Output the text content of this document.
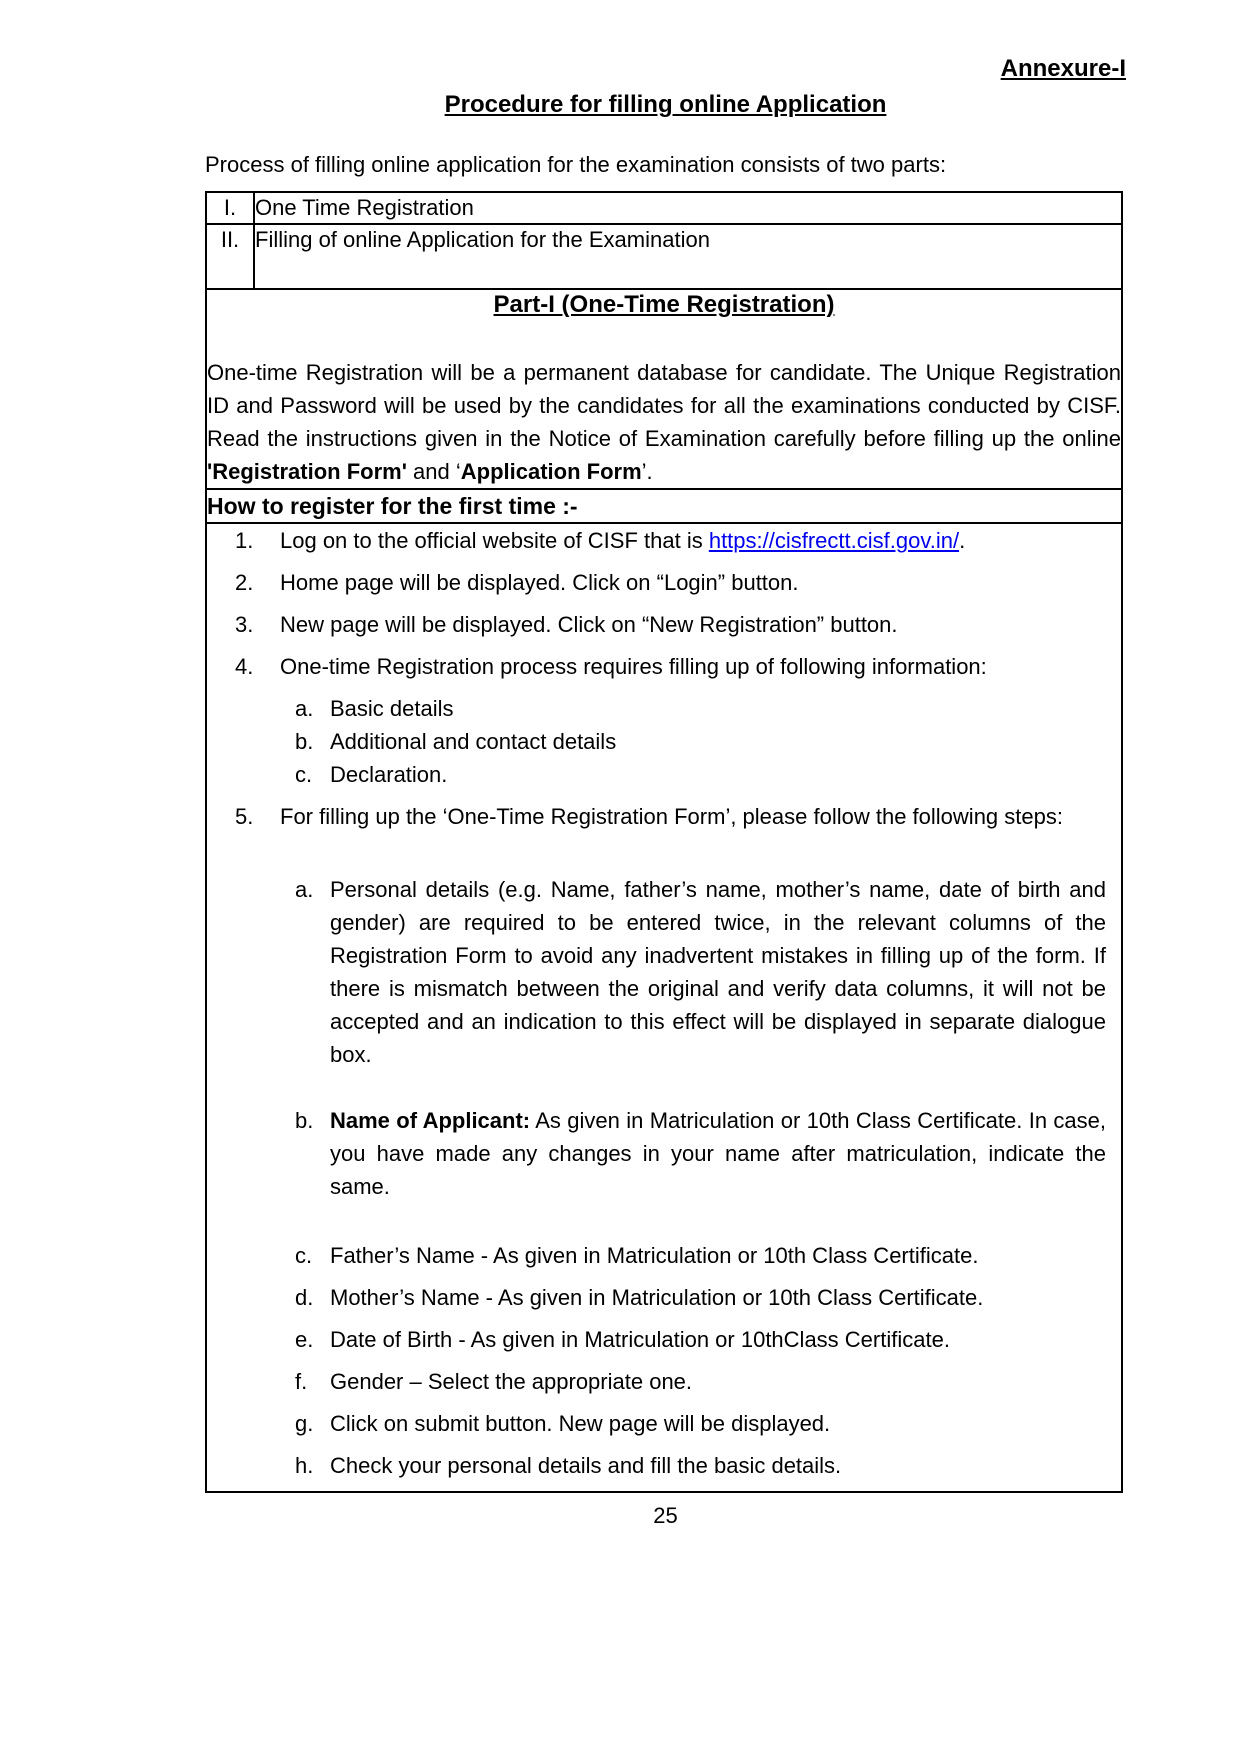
Annexure-I
Procedure for filling online Application
Process of filling online application for the examination consists of two parts:
I.	One Time Registration
II.	Filling of online Application for the Examination

Part-I (One-Time Registration)
One-time Registration will be a permanent database for candidate. The Unique Registration ID and Password will be used by the candidates for all the examinations conducted by CISF. Read the instructions given in the Notice of Examination carefully before filling up the online 'Registration Form' and ‘Application Form’.	

How to register for the first time :-	

1.	Log on to the official website of CISF that is https://cisfrectt.cisf.gov.in/.
2.	Home page will be displayed. Click on “Login” button.
3.	New page will be displayed. Click on “New Registration” button.
4.	One-time Registration process requires filling up of following information:
a. Basic details
b. Additional and contact details
c. Declaration.
5.	For filling up the ‘One-Time Registration Form’, please follow the following steps:
a. Personal details (e.g. Name, father’s name, mother’s name, date of birth and gender) are required to be entered twice, in the relevant columns of the Registration Form to avoid any inadvertent mistakes in filling up of the form. If there is mismatch between the original and verify data columns, it will not be accepted and an indication to this effect will be displayed in separate dialogue box.
b. Name of Applicant: As given in Matriculation or 10th Class Certificate. In case, you have made any changes in your name after matriculation, indicate the same.
c. Father’s Name - As given in Matriculation or 10th Class Certificate.
d. Mother’s Name - As given in Matriculation or 10th Class Certificate.
e. Date of Birth - As given in Matriculation or 10thClass Certificate.
f.	Gender – Select the appropriate one.
g. Click on submit button. New page will be displayed.
h. Check your personal details and fill the basic details.
25
